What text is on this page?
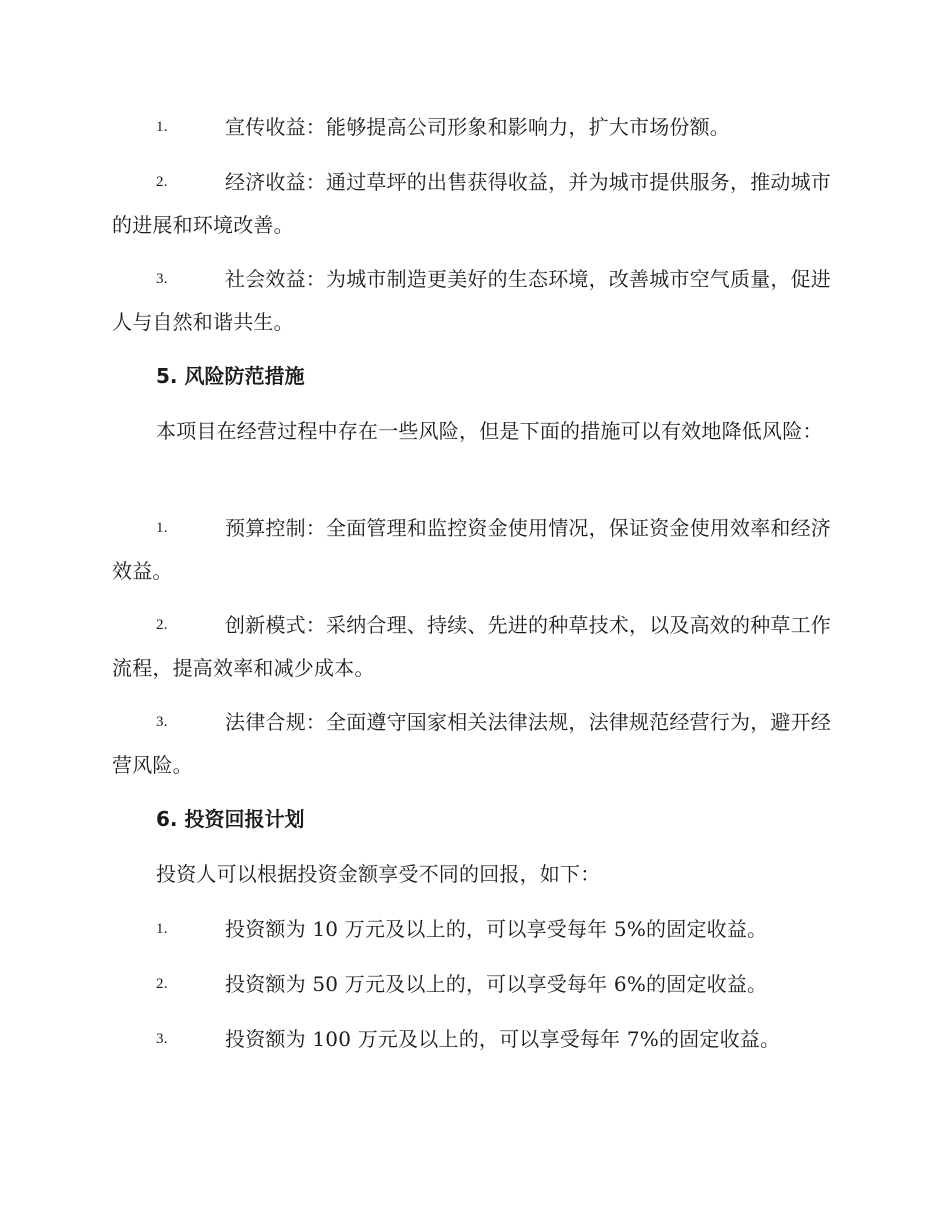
1.	宣传收益：能够提高公司形象和影响力，扩大市场份额。
2.	经济收益：通过草坪的出售获得收益，并为城市提供服务，推动城市的进展和环境改善。
3.	社会效益：为城市制造更美好的生态环境，改善城市空气质量，促进人与自然和谐共生。
5. 风险防范措施
本项目在经营过程中存在一些风险，但是下面的措施可以有效地降低风险：
1.	预算控制：全面管理和监控资金使用情况，保证资金使用效率和经济效益。
2.	创新模式：采纳合理、持续、先进的种草技术，以及高效的种草工作流程，提高效率和减少成本。
3.	法律合规：全面遵守国家相关法律法规，法律规范经营行为，避开经营风险。
6. 投资回报计划
投资人可以根据投资金额享受不同的回报，如下：
1.	投资额为 10 万元及以上的，可以享受每年 5%的固定收益。
2.	投资额为 50 万元及以上的，可以享受每年 6%的固定收益。
3.	投资额为 100 万元及以上的，可以享受每年 7%的固定收益。
